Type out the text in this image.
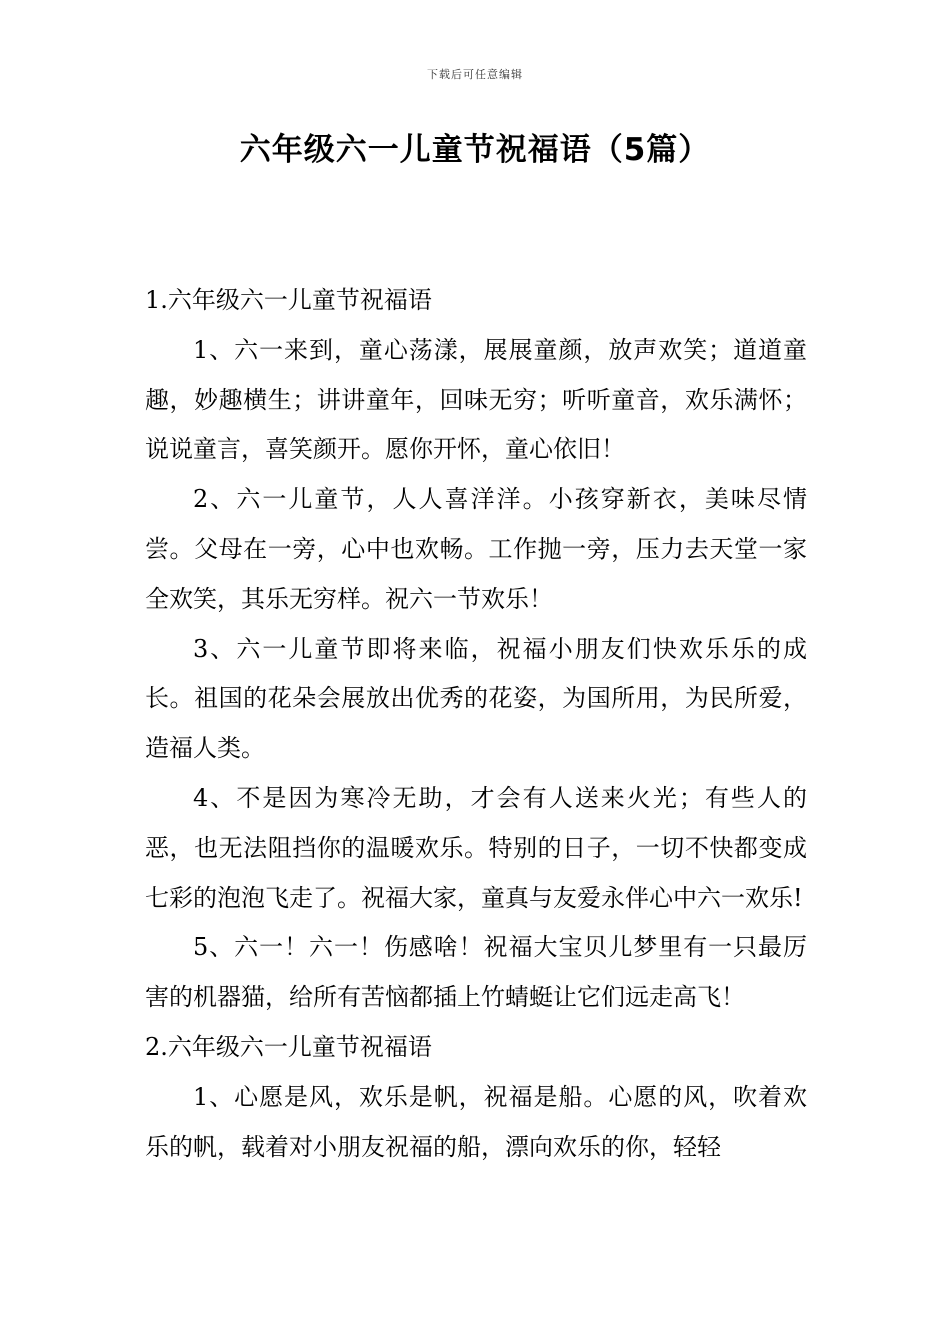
下载后可任意编辑
六年级六一儿童节祝福语（5篇）

1.六年级六一儿童节祝福语

1、六一来到，童心荡漾，展展童颜，放声欢笑；道道童趣，妙趣横生；讲讲童年，回味无穷；听听童音，欢乐满怀；说说童言，喜笑颜开。愿你开怀，童心依旧！

2、六一儿童节，人人喜洋洋。小孩穿新衣，美味尽情尝。父母在一旁，心中也欢畅。工作抛一旁，压力去天堂一家全欢笑，其乐无穷样。祝六一节欢乐！

3、六一儿童节即将来临，祝福小朋友们快欢乐乐的成长。祖国的花朵会展放出优秀的花姿，为国所用，为民所爱，造福人类。

4、不是因为寒冷无助，才会有人送来火光；有些人的恶，也无法阻挡你的温暖欢乐。特别的日子，一切不快都变成七彩的泡泡飞走了。祝福大家，童真与友爱永伴心中六一欢乐!

5、六一！六一！伤感啥！祝福大宝贝儿梦里有一只最厉害的机器猫，给所有苦恼都插上竹蜻蜓让它们远走高飞！

2.六年级六一儿童节祝福语

1、心愿是风，欢乐是帆，祝福是船。心愿的风，吹着欢乐的帆，载着对小朋友祝福的船，漂向欢乐的你，轻轻
